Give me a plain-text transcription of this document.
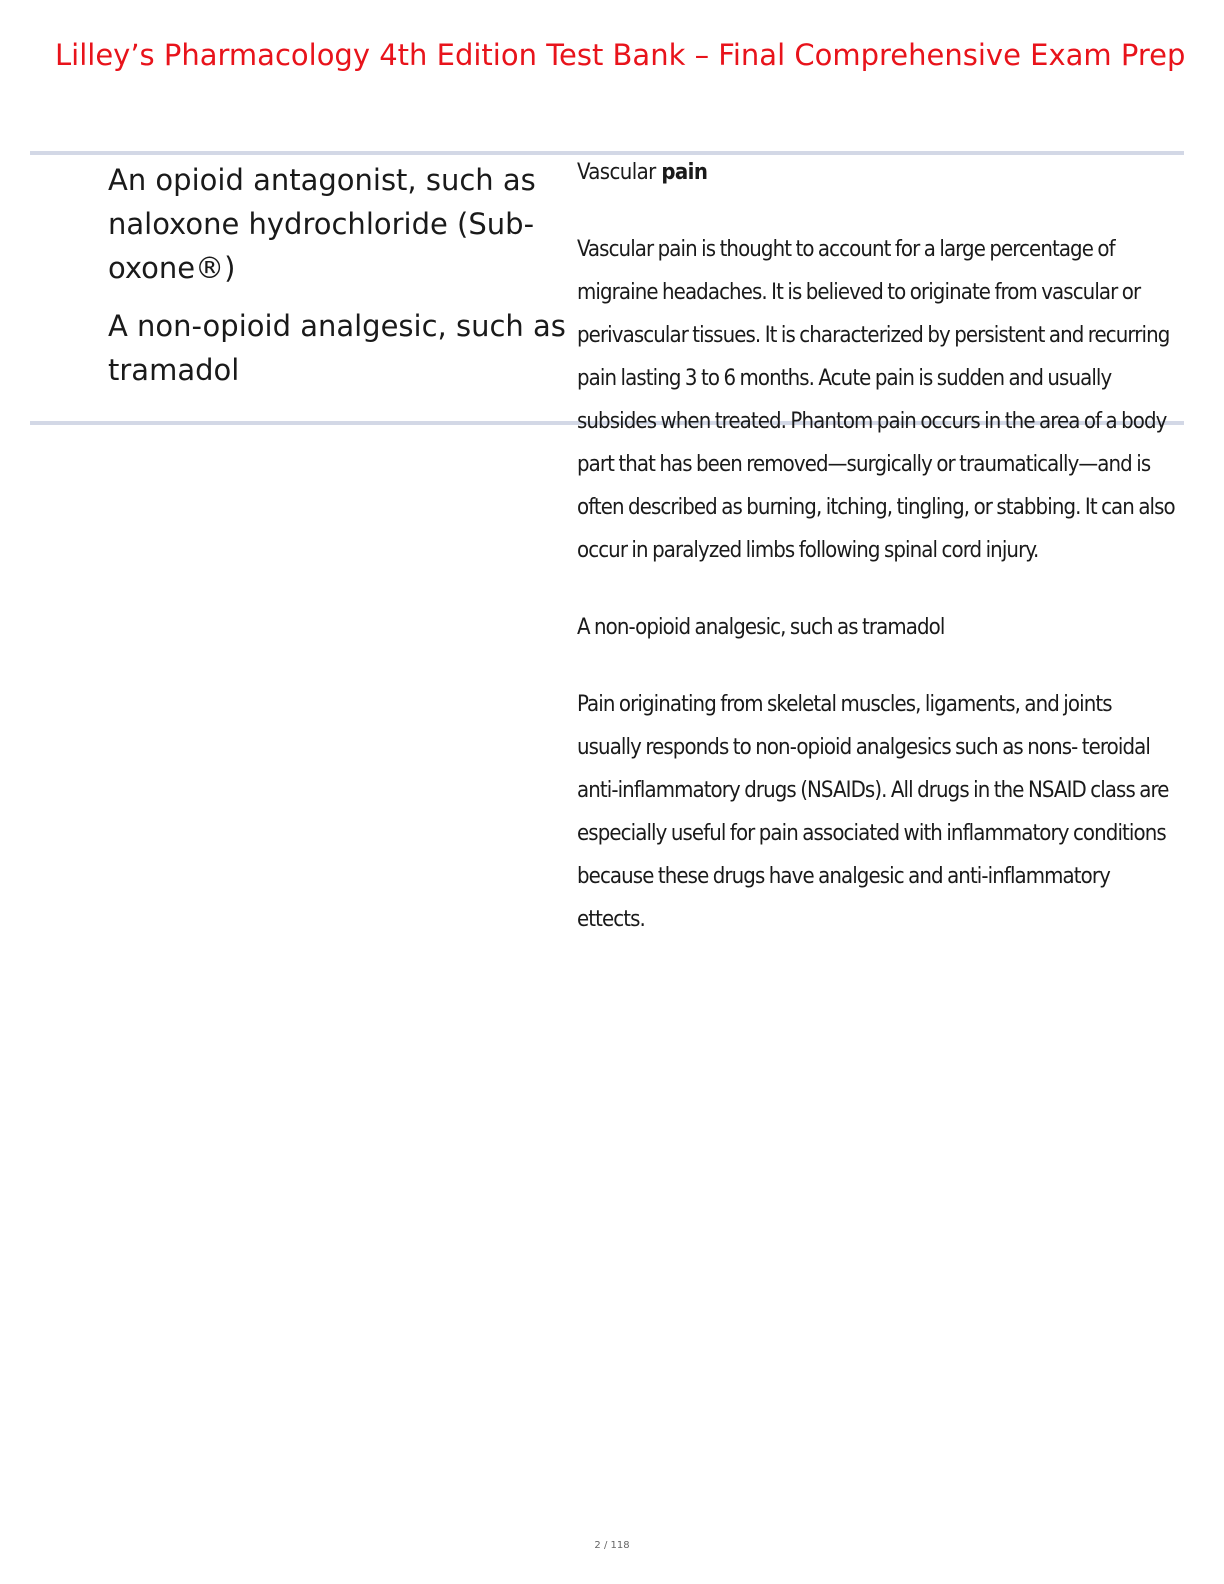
Lilley’s Pharmacology 4th Edition Test Bank – Final Comprehensive Exam Prep

An opioid antagonist, such as naloxone hydrochloride (Sub- oxone®)

A non-opioid analgesic, such as tramadol

Vascular pain

Vascular pain is thought to account for a large percentage of migraine headaches. It is believed to originate from vascular or perivascular tissues. It is characterized by persistent and recurring pain lasting 3 to 6 months. Acute pain is sudden and usually subsides when treated. Phantom pain occurs in the area of a body part that has been removed—surgically or traumatically—and is often described as burning, itching, tingling, or stabbing. It can also occur in paralyzed limbs following spinal cord injury.

A non-opioid analgesic, such as tramadol

Pain originating from skeletal muscles, ligaments, and joints usually responds to non-opioid analgesics such as nons- teroidal anti-inflammatory drugs (NSAIDs). All drugs in the NSAID class are especially useful for pain associated with inflammatory conditions because these drugs have analgesic and anti-inflammatory ettects.

2 / 118
